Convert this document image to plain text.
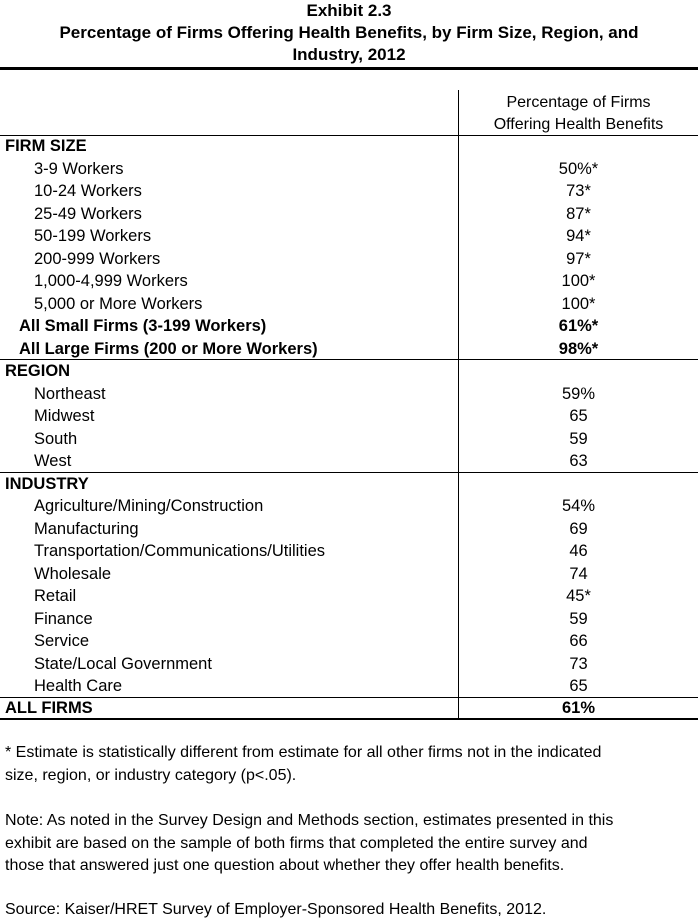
Exhibit 2.3
Percentage of Firms Offering Health Benefits, by Firm Size, Region, and
Industry, 2012
Percentage of Firms
Offering Health Benefits
FIRM SIZE
3-9 Workers	50%*
10-24 Workers	73*
25-49 Workers	87*
50-199 Workers	94*
200-999 Workers	97*
1,000-4,999 Workers	100*
5,000 or More Workers	100*
All Small Firms (3-199 Workers)	61%*
All Large Firms (200 or More Workers)	98%*
REGION
Northeast	59%
Midwest	65
South	59
West	63
INDUSTRY
Agriculture/Mining/Construction	54%
Manufacturing	69
Transportation/Communications/Utilities	46
Wholesale	74
Retail	45*
Finance	59
Service	66
State/Local Government	73
Health Care	65
ALL FIRMS	61%
* Estimate is statistically different from estimate for all other firms not in the indicated
size, region, or industry category (p<.05).
Note: As noted in the Survey Design and Methods section, estimates presented in this
exhibit are based on the sample of both firms that completed the entire survey and
those that answered just one question about whether they offer health benefits.
Source: Kaiser/HRET Survey of Employer-Sponsored Health Benefits, 2012.
